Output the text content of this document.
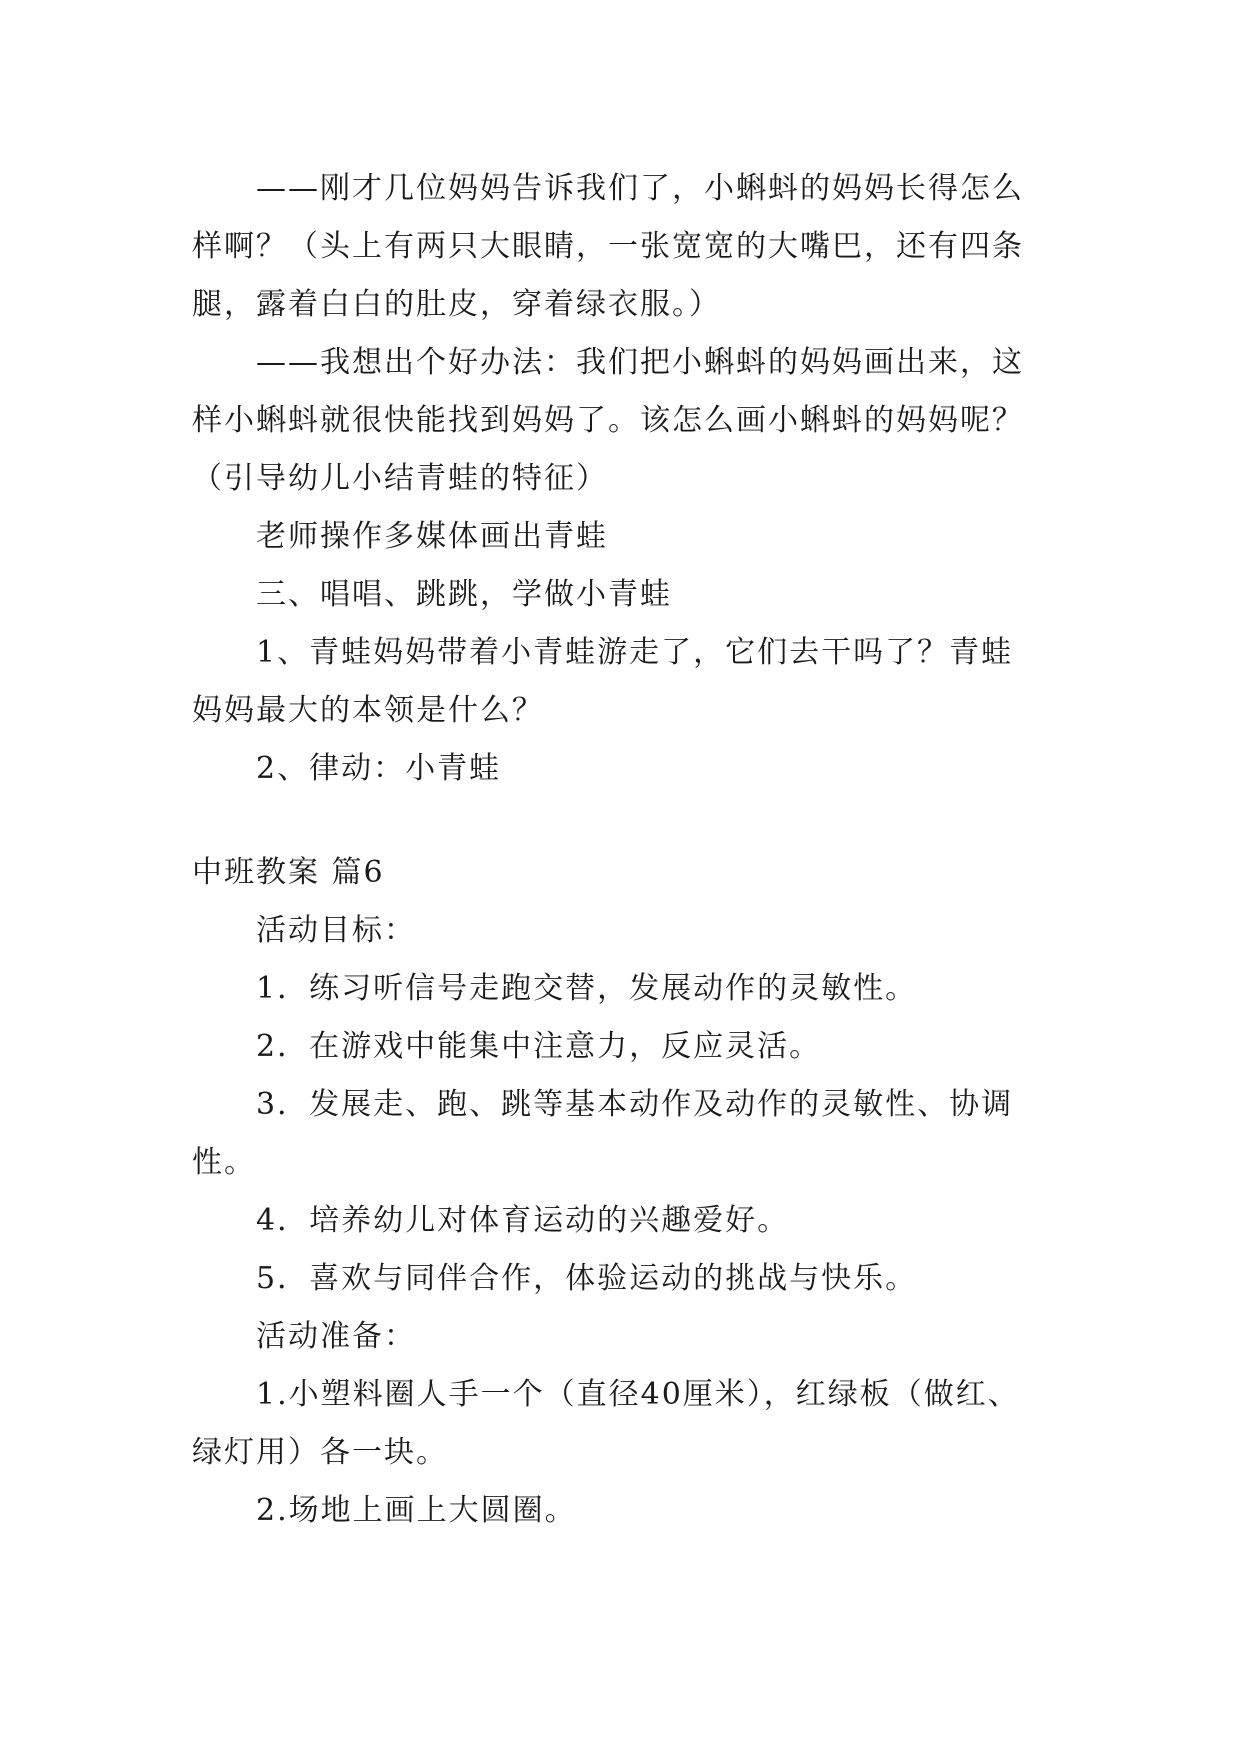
——刚才几位妈妈告诉我们了，小蝌蚪的妈妈长得怎么

样啊？（头上有两只大眼睛，一张宽宽的大嘴巴，还有四条

腿，露着白白的肚皮，穿着绿衣服。）

——我想出个好办法：我们把小蝌蚪的妈妈画出来，这

样小蝌蚪就很快能找到妈妈了。该怎么画小蝌蚪的妈妈呢？

（引导幼儿小结青蛙的特征）

老师操作多媒体画出青蛙

三、唱唱、跳跳，学做小青蛙

1、青蛙妈妈带着小青蛙游走了，它们去干吗了？青蛙

妈妈最大的本领是什么？

2、律动：小青蛙

中班教案 篇6

活动目标：

1．练习听信号走跑交替，发展动作的灵敏性。

2．在游戏中能集中注意力，反应灵活。

3．发展走、跑、跳等基本动作及动作的灵敏性、协调

性。

4．培养幼儿对体育运动的兴趣爱好。

5．喜欢与同伴合作，体验运动的挑战与快乐。

活动准备：

1.小塑料圈人手一个（直径40厘米），红绿板（做红、

绿灯用）各一块。

2.场地上画上大圆圈。
